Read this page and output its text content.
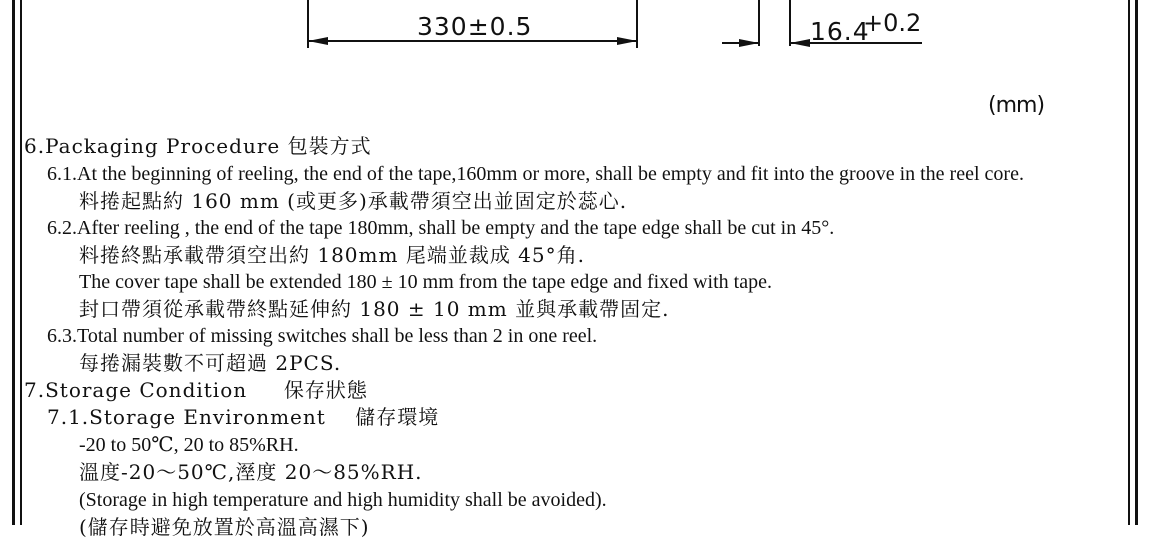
330±0.5	16.4
+0.2
(mm)
6.Packaging Procedure 包裝方式
6.1.At the beginning of reeling, the end of the tape,160mm or more, shall be empty and fit into the groove in the reel core.
料捲起點約 160 mm (或更多)承載帶須空出並固定於蕊心.
6.2.After reeling , the end of the tape 180mm, shall be empty and the tape edge shall be cut in 45°.
料捲終點承載帶須空出約 180mm 尾端並裁成 45°角.
The cover tape shall be extended 180 ± 10 mm from the tape edge and fixed with tape.
封口帶須從承載帶終點延伸約 180 ± 10 mm 並與承載帶固定.
6.3.Total number of missing switches shall be less than 2 in one reel.
每捲漏裝數不可超過 2PCS.
7.Storage Condition     保存狀態
7.1.Storage Environment    儲存環境
-20 to 50℃, 20 to 85%RH.
溫度-20～50℃,溼度 20～85%RH.
(Storage in high temperature and high humidity shall be avoided).
(儲存時避免放置於高溫高濕下)
